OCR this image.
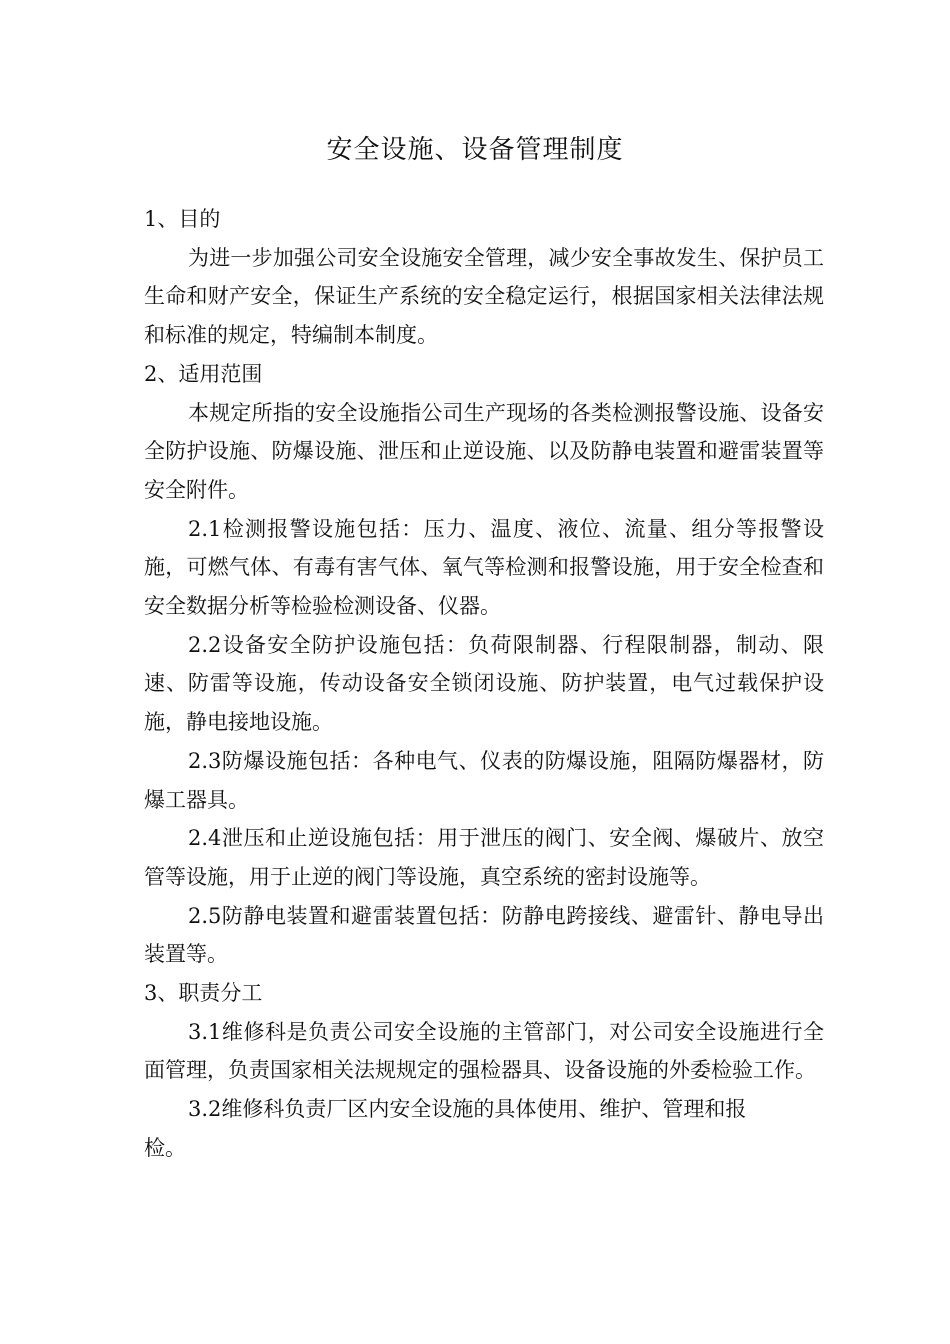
安全设施、设备管理制度

1、目的

为进一步加强公司安全设施安全管理，减少安全事故发生、保护员工生命和财产安全，保证生产系统的安全稳定运行，根据国家相关法律法规和标准的规定，特编制本制度。

2、适用范围

本规定所指的安全设施指公司生产现场的各类检测报警设施、设备安全防护设施、防爆设施、泄压和止逆设施、以及防静电装置和避雷装置等安全附件。

2.1检测报警设施包括：压力、温度、液位、流量、组分等报警设施，可燃气体、有毒有害气体、氧气等检测和报警设施，用于安全检查和安全数据分析等检验检测设备、仪器。

2.2设备安全防护设施包括：负荷限制器、行程限制器，制动、限速、防雷等设施，传动设备安全锁闭设施、防护装置，电气过载保护设施，静电接地设施。

2.3防爆设施包括：各种电气、仪表的防爆设施，阻隔防爆器材，防爆工器具。

2.4泄压和止逆设施包括：用于泄压的阀门、安全阀、爆破片、放空管等设施，用于止逆的阀门等设施，真空系统的密封设施等。

2.5防静电装置和避雷装置包括：防静电跨接线、避雷针、静电导出装置等。

3、职责分工

3.1维修科是负责公司安全设施的主管部门，对公司安全设施进行全面管理，负责国家相关法规规定的强检器具、设备设施的外委检验工作。

3.2维修科负责厂区内安全设施的具体使用、维护、管理和报检。
